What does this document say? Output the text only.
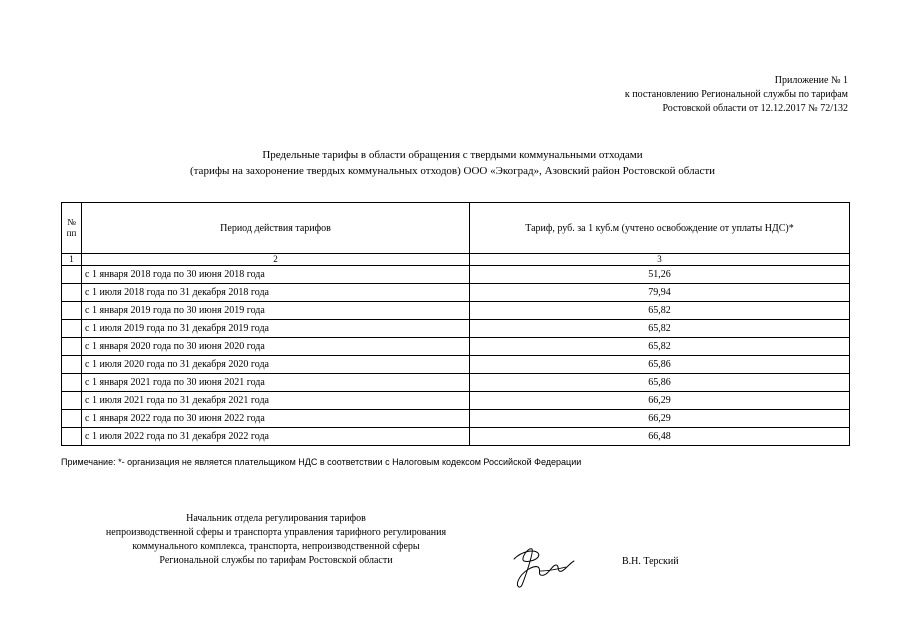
Приложение № 1
к постановлению Региональной службы по тарифам
Ростовской области от 12.12.2017 № 72/132
Предельные тарифы в области обращения с твердыми коммунальными отходами
(тарифы на захоронение твердых коммунальных отходов) ООО «Экоград», Азовский район Ростовской области
№ пп	Период действия тарифов	Тариф, руб. за 1 куб.м (учтено освобождение от уплаты НДС)*
1	2	3
	с 1 января 2018 года по 30 июня 2018 года	51,26
	с 1 июля 2018 года по 31 декабря 2018 года	79,94
	с 1 января 2019 года по 30 июня 2019 года	65,82
	с 1 июля 2019 года по 31 декабря 2019 года	65,82
	с 1 января 2020 года по 30 июня 2020 года	65,82
	с 1 июля 2020 года по 31 декабря 2020 года	65,86
	с 1 января 2021 года по 30 июня 2021 года	65,86
	с 1 июля 2021 года по 31 декабря 2021 года	66,29
	с 1 января 2022 года по 30 июня 2022 года	66,29
	с 1 июля 2022 года по 31 декабря 2022 года	66,48
Примечание: *- организация не является плательщиком НДС в соответствии с Налоговым кодексом Российской Федерации
Начальник отдела регулирования тарифов
непроизводственной сферы и транспорта управления тарифного регулирования
коммунального комплекса, транспорта, непроизводственной сферы
Региональной службы по тарифам Ростовской области	В.Н. Терский
